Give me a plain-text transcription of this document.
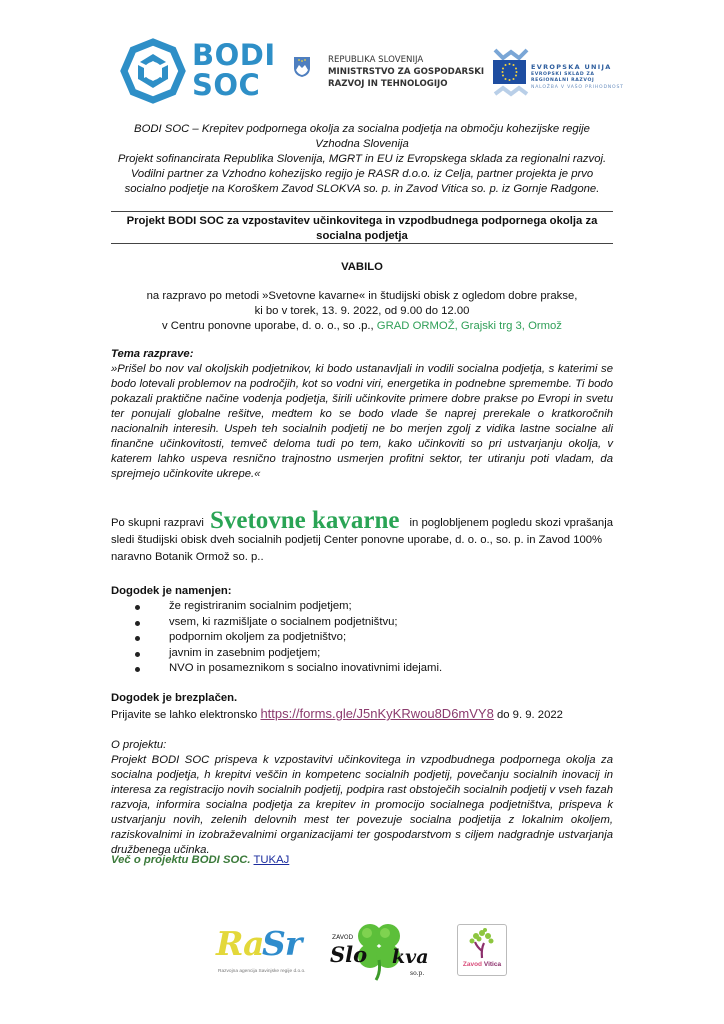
BODI
SOC
REPUBLIKA SLOVENIJA
MINISTRSTVO ZA GOSPODARSKI
RAZVOJ IN TEHNOLOGIJO
EVROPSKA UNIJA
EVROPSKI SKLAD ZA
REGIONALNI RAZVOJ
NALOŽBA V VAŠO PRIHODNOST
BODI SOC – Krepitev podpornega okolja za socialna podjetja na območju kohezijske regije Vzhodna Slovenija
Projekt sofinancirata Republika Slovenija, MGRT in EU iz Evropskega sklada za regionalni razvoj.
Vodilni partner za Vzhodno kohezijsko regijo je RASR d.o.o. iz Celja, partner projekta je prvo socialno podjetje na Koroškem Zavod SLOKVA so. p. in Zavod Vitica so. p. iz Gornje Radgone.
Projekt BODI SOC za vzpostavitev učinkovitega in vzpodbudnega podpornega okolja za socialna podjetja
VABILO
na razpravo po metodi »Svetovne kavarne« in študijski obisk z ogledom dobre prakse,
ki bo v torek, 13. 9. 2022, od 9.00 do 12.00
v Centru ponovne uporabe, d. o. o., so .p., GRAD ORMOŽ, Grajski trg 3, Ormož
Tema razprave:
»Prišel bo nov val okoljskih podjetnikov, ki bodo ustanavljali in vodili socialna podjetja, s katerimi se bodo lotevali problemov na področjih, kot so vodni viri, energetika in podnebne spremembe. Ti bodo pokazali praktične načine vodenja podjetja, širili učinkovite primere dobre prakse po Evropi in svetu ter ponujali globalne rešitve, medtem ko se bodo vlade še naprej prerekale o kratkoročnih nacionalnih interesih. Uspeh teh socialnih podjetij ne bo merjen zgolj z vidika lastne socialne ali finančne učinkovitosti, temveč deloma tudi po tem, kako učinkoviti so pri ustvarjanju okolja, v katerem lahko uspeva resnično trajnostno usmerjen profitni sektor, ter utiranju poti vladam, da sprejmejo učinkovite ukrepe.«
Po skupni razpravi Svetovne kavarne in poglobljenem pogledu skozi vprašanja sledi študijski obisk dveh socialnih podjetij Center ponovne uporabe, d. o. o., so. p. in Zavod 100% naravno Botanik Ormož so. p..
Dogodek je namenjen:
že registriranim socialnim podjetjem;
vsem, ki razmišljate o socialnem podjetništvu;
podpornim okoljem za podjetništvo;
javnim in zasebnim podjetjem;
NVO in posameznikom s socialno inovativnimi idejami.
Dogodek je brezplačen.
Prijavite se lahko elektronsko https://forms.gle/J5nKyKRwou8D6mVY8 do 9. 9. 2022
O projektu:
Projekt BODI SOC prispeva k vzpostavitvi učinkovitega in vzpodbudnega podpornega okolja za socialna podjetja, h krepitvi veščin in kompetenc socialnih podjetij, povečanju socialnih inovacij in interesa za registracijo novih socialnih podjetij, podpira rast obstoječih socialnih podjetij v vseh fazah razvoja, informira socialna podjetja za krepitev in promocijo socialnega podjetništva, prispeva k ustvarjanju novih, zelenih delovnih mest ter povezuje socialna podjetija z lokalnim okoljem, raziskovalnimi in izobraževalnimi organizacijami ter gospodarstvom s ciljem nadgradnje ustvarjanja družbenega učinka.
Več o projektu BODI SOC. TUKAJ
Ra
Sr
Razvojna agencija Savinjske regije d.o.o.
ZAVOD
Slo kva
so.p.
Zavod Vitica
